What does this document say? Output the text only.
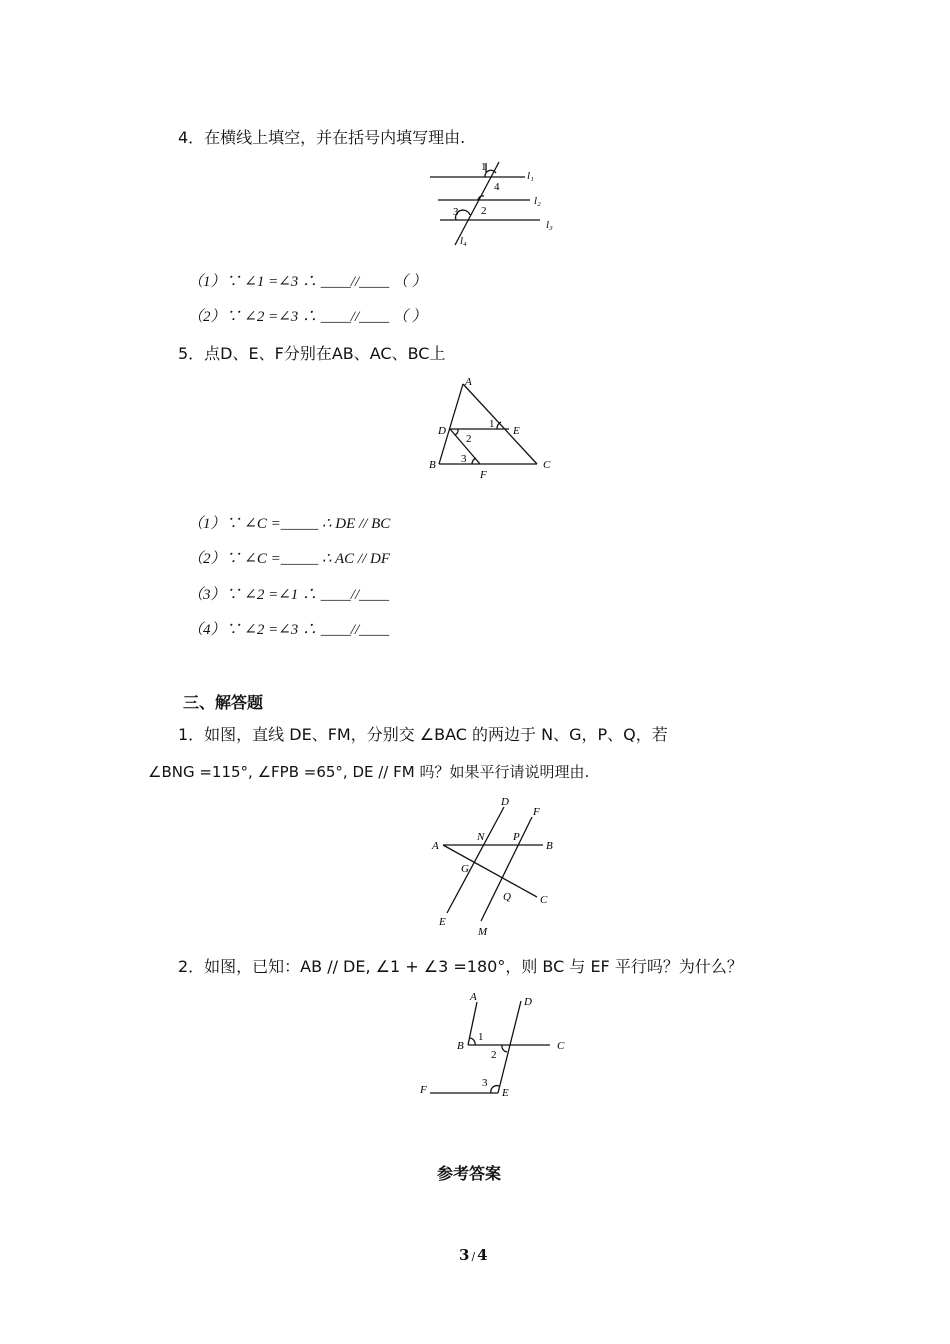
4．在横线上填空，并在括号内填写理由.
l₁
l₂
l₃
l₄
1
4
2
3
（1）∵ ∠1 =∠3 ∴ ____//____ （ ）
（2）∵ ∠2 =∠3 ∴ ____//____ （ ）
5．点D、E、F分别在AB、AC、BC上
A
D	E
B	C
F
1
2
3
（1）∵ ∠C =_____ ∴ DE // BC
（2）∵ ∠C =_____ ∴ AC // DF
（3）∵ ∠2 =∠1 ∴ ____//____
（4）∵ ∠2 =∠3 ∴ ____//____
三、解答题
1．如图，直线 DE、FM，分别交 ∠BAC 的两边于 N、G，P、Q，若
∠BNG =115°, ∠FPB =65°, DE // FM 吗？如果平行请说明理由.
D
F
A	B
N	P
G
Q	C
E
M
2．如图，已知：AB // DE, ∠1 + ∠3 =180°，则 BC 与 EF 平行吗？为什么？
A	D
B	C
F	E
1
2
3
参考答案
3 / 4
